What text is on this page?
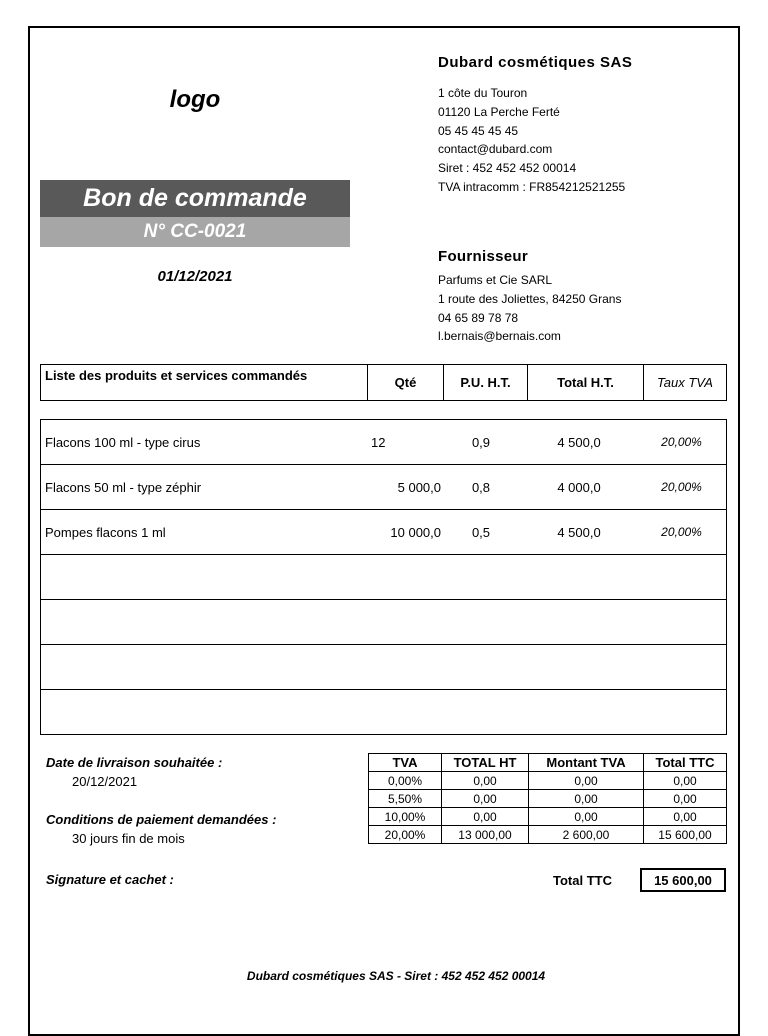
logo
Bon de commande
N° CC-0021
01/12/2021
Dubard cosmétiques SAS
1 côte du Touron
01120 La Perche Ferté
05 45 45 45 45
contact@dubard.com
Siret : 452 452 452 00014
TVA intracomm : FR854212521255
Fournisseur
Parfums et Cie SARL
1 route des Joliettes, 84250 Grans
04 65 89 78 78
l.bernais@bernais.com
Liste des produits et services commandés	Qté	P.U. H.T.	Total H.T.	Taux TVA
Flacons 100 ml - type cirus	12	0,9	4 500,0	20,00%
Flacons 50 ml - type zéphir	5 000,0	0,8	4 000,0	20,00%
Pompes flacons 1 ml	10 000,0	0,5	4 500,0	20,00%

Date de livraison souhaitée :
20/12/2021
Conditions de paiement demandées :
30 jours fin de mois
TVA	TOTAL HT	Montant TVA	Total TTC
0,00%	0,00	0,00	0,00
5,50%	0,00	0,00	0,00
10,00%	0,00	0,00	0,00
20,00%	13 000,00	2 600,00	15 600,00
Signature et cachet :	Total TTC	15 600,00
Dubard cosmétiques SAS - Siret : 452 452 452 00014
